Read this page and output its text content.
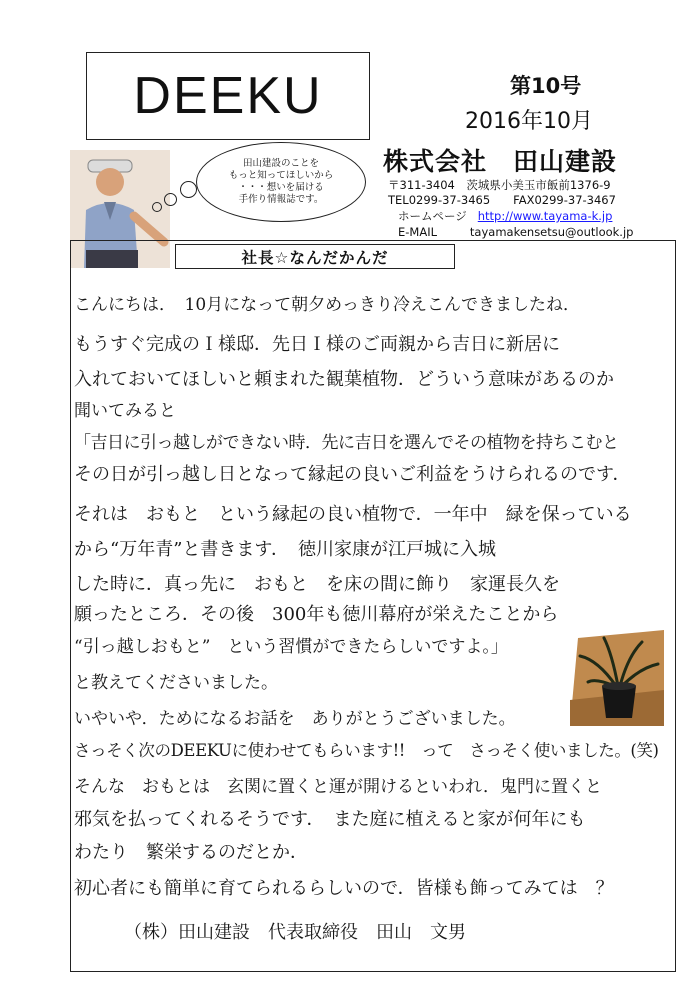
DEEKU	第10号
2016年10月
株式会社　田山建設
〒311-3404　茨城県小美玉市飯前1376-9
TEL0299-37-3465　　FAX0299-37-3467
ホームページ http://www.tayama-k.jp
E-MAIL	tayamakensetsu@outlook.jp
田山建設のことを
もっと知ってほしいから
・・・想いを届ける
手作り情報誌です。
社長☆なんだかんだ
こんにちは．　10月になって朝夕めっきり冷えこんできましたね．
もうすぐ完成のＩ様邸．先日Ｉ様のご両親から吉日に新居に
入れておいてほしいと頼まれた観葉植物．どういう意味があるのか
聞いてみると
「吉日に引っ越しができない時．先に吉日を選んでその植物を持ちこむと
その日が引っ越し日となって縁起の良いご利益をうけられるのです．
それは　おもと　という縁起の良い植物で．一年中　緑を保っている
から“万年青”と書きます．　徳川家康が江戸城に入城
した時に．真っ先に　おもと　を床の間に飾り　家運長久を
願ったところ．その後　300年も徳川幕府が栄えたことから
“引っ越しおもと”　という習慣ができたらしいですよ。」
と教えてくださいました。
いやいや．ためになるお話を　ありがとうございました。
さっそく次のDEEKUに使わせてもらいます!!　って　さっそく使いました。(笑)
そんな　おもとは　玄関に置くと運が開けるといわれ．鬼門に置くと
邪気を払ってくれるそうです．　また庭に植えると家が何年にも
わたり　繁栄するのだとか．
初心者にも簡単に育てられるらしいので．皆様も飾ってみては　？
（株）田山建設　代表取締役　田山　文男
